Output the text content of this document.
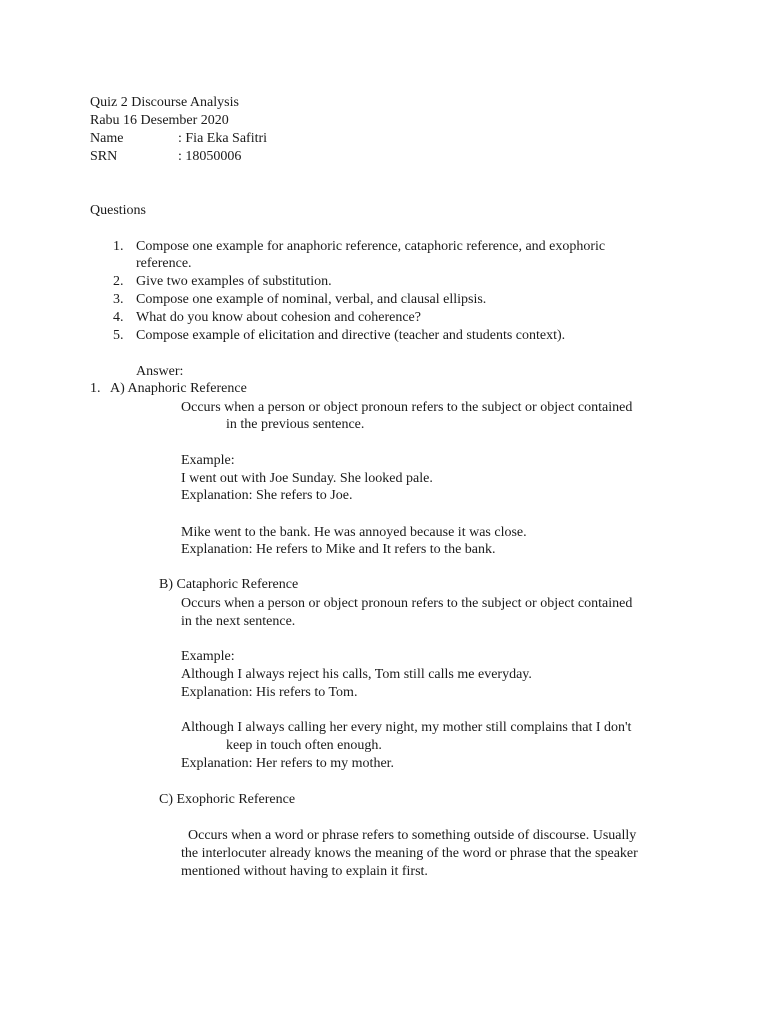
Quiz 2 Discourse Analysis

Rabu 16 Desember 2020

Name	: Fia Eka Safitri

SRN	: 18050006

Questions

1. Compose one example for anaphoric reference, cataphoric reference, and exophoric

reference.

2. Give two examples of substitution.

3. Compose one example of nominal, verbal, and clausal ellipsis.

4. What do you know about cohesion and coherence?

5. Compose example of elicitation and directive (teacher and students context).

Answer:

1. A) Anaphoric Reference

Occurs when a person or object pronoun refers to the subject or object contained

in the previous sentence.

Example:

I went out with Joe Sunday. She looked pale.

Explanation: She refers to Joe.

Mike went to the bank. He was annoyed because it was close.

Explanation: He refers to Mike and It refers to the bank.

B) Cataphoric Reference

Occurs when a person or object pronoun refers to the subject or object contained

in the next sentence.

Example:

Although I always reject his calls, Tom still calls me everyday.

Explanation: His refers to Tom.

Although I always calling her every night, my mother still complains that I don't

keep in touch often enough.

Explanation: Her refers to my mother.

C) Exophoric Reference

Occurs when a word or phrase refers to something outside of discourse. Usually

the interlocuter already knows the meaning of the word or phrase that the speaker

mentioned without having to explain it first.
